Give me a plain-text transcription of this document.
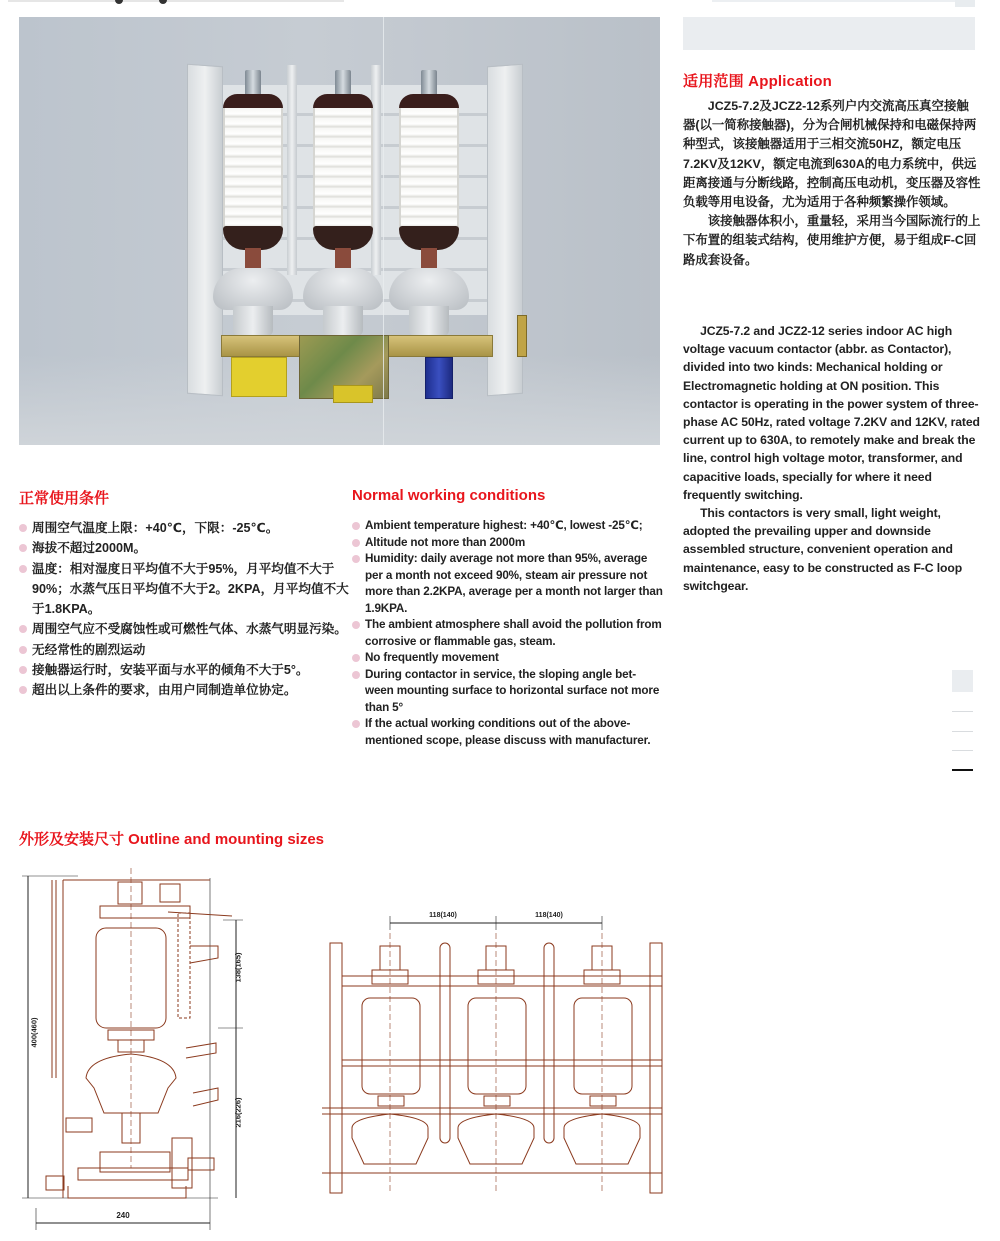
适用范围 Application

JCZ5-7.2及JCZ2-12系列户内交流高压真空接触器(以一简称接触器)，分为合闸机械保持和电磁保持两种型式，该接触器适用于三相交流50HZ，额定电压7.2KV及12KV，额定电流到630A的电力系统中，供远距离接通与分断线路，控制高压电动机，变压器及容性负载等用电设备，尤为适用于各种频繁操作领域。

该接触器体积小，重量轻，采用当今国际流行的上下布置的组装式结构，使用维护方便，易于组成F-C回路成套设备。

JCZ5-7.2 and JCZ2-12 series indoor AC high voltage vacuum contactor (abbr. as Contactor), divided into two kinds: Mechanical holding or Electromagnetic holding at ON position. This contactor is operating in the power system of three-phase AC 50Hz, rated voltage 7.2KV and 12KV, rated current up to 630A, to remotely make and break the line, control high voltage motor, transformer, and capacitive loads, specially for where it need frequently switching.

This contactors is very small, light weight, adopted the prevailing upper and downside assembled structure, convenient operation and maintenance, easy to be constructed as F-C loop switchgear.

正常使用条件
周围空气温度上限：+40℃，下限：-25℃。
海拔不超过2000M。
温度：相对湿度日平均值不大于95%，月平均值不大于90%；水蒸气压日平均值不大于2。2KPA，月平均值不大于1.8KPA。
周围空气应不受腐蚀性或可燃性气体、水蒸气明显污染。
无经常性的剧烈运动
接触器运行时，安装平面与水平的倾角不大于5°。
超出以上条件的要求，由用户同制造单位协定。
Normal working conditions
Ambient temperature highest: +40℃, lowest -25℃;
Altitude not more than 2000m
Humidity: daily average not more than 95%, average per a month not exceed 90%, steam air pressure not more than 2.2KPA, average per a month not larger than 1.9KPA.
The ambient atmosphere shall avoid the pollution from corrosive or flammable gas, steam.
No frequently movement
During contactor in service, the sloping angle bet-ween mounting surface to horizontal surface not more than 5°
If the actual working conditions out of the above-mentioned scope, please discuss with manufacturer.
外形及安装尺寸 Outline and mounting sizes
400(460)
138(165)
216(226)
240
118(140)	118(140)
